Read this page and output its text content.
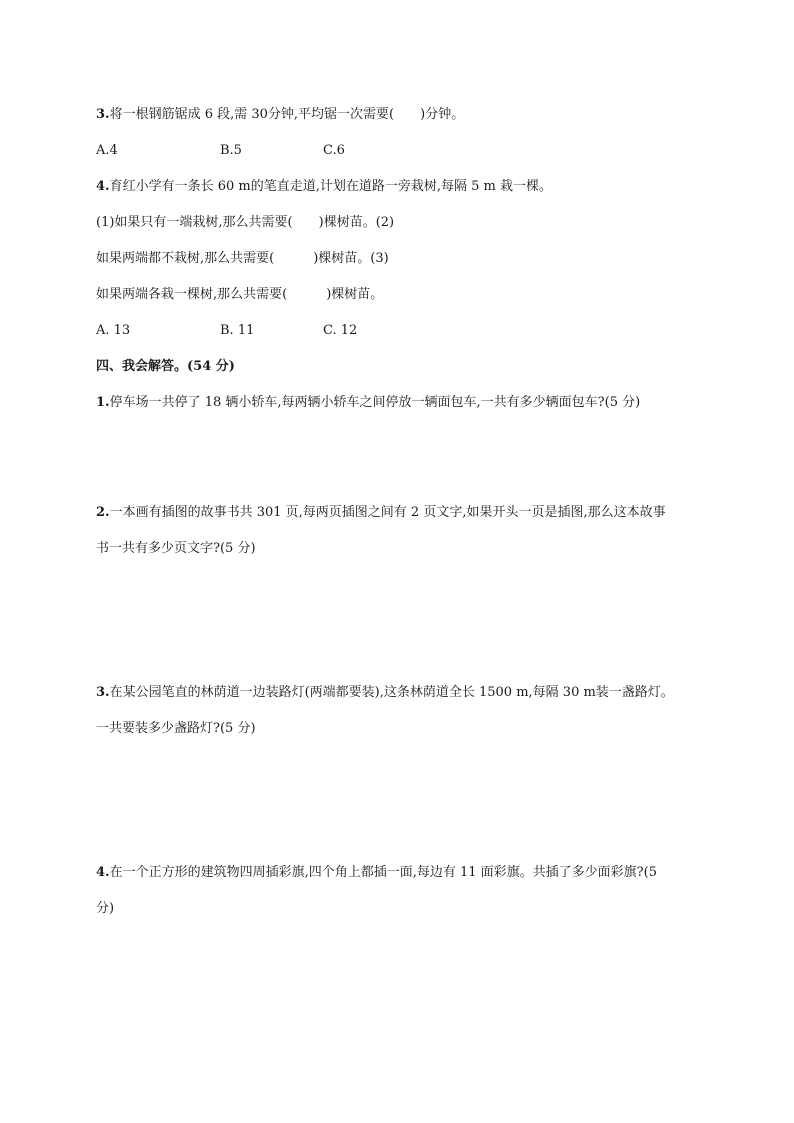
3.将一根钢筋锯成 6 段,需 30分钟,平均锯一次需要(　　)分钟。
A.4	B.5	C.6
4.育红小学有一条长 60 m的笔直走道,计划在道路一旁栽树,每隔 5 m 栽一棵。
(1)如果只有一端栽树,那么共需要(　　)棵树苗。(2)
如果两端都不栽树,那么共需要(　　　)棵树苗。(3)
如果两端各栽一棵树,那么共需要(　　　)棵树苗。
A. 13	B. 11	C. 12
四、我会解答。(54 分)
1.停车场一共停了 18 辆小轿车,每两辆小轿车之间停放一辆面包车,一共有多少辆面包车?(5 分)
2.一本画有插图的故事书共 301 页,每两页插图之间有 2 页文字,如果开头一页是插图,那么这本故事
书一共有多少页文字?(5 分)
3.在某公园笔直的林荫道一边装路灯(两端都要装),这条林荫道全长 1500 m,每隔 30 m装一盏路灯。
一共要装多少盏路灯?(5 分)
4.在一个正方形的建筑物四周插彩旗,四个角上都插一面,每边有 11 面彩旗。共插了多少面彩旗?(5
分)
